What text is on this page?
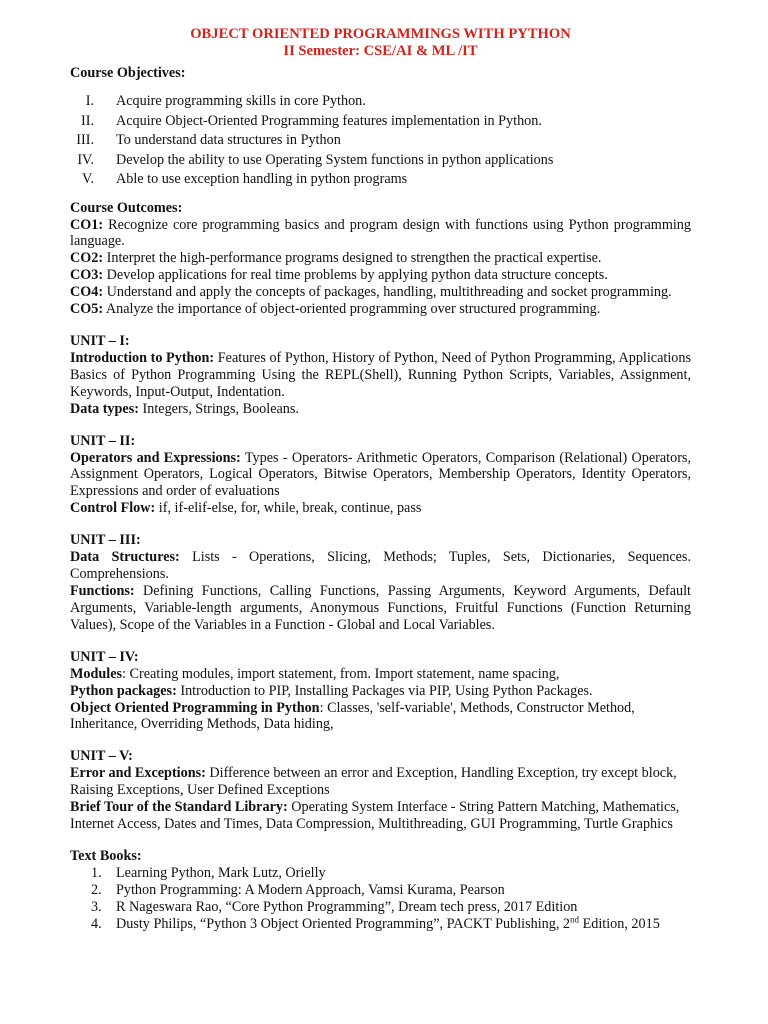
OBJECT ORIENTED PROGRAMMINGS WITH PYTHON
II Semester: CSE/AI & ML /IT
Course Objectives:
I. Acquire programming skills in core Python.
II. Acquire Object-Oriented Programming features implementation in Python.
III. To understand data structures in Python
IV. Develop the ability to use Operating System functions in python applications
V. Able to use exception handling in python programs
Course Outcomes:

CO1: Recognize core programming basics and program design with functions using Python programming language.

CO2: Interpret the high-performance programs designed to strengthen the practical expertise.

CO3: Develop applications for real time problems by applying python data structure concepts.

CO4: Understand and apply the concepts of packages, handling, multithreading and socket programming.

CO5: Analyze the importance of object-oriented programming over structured programming.

UNIT – I:

Introduction to Python: Features of Python, History of Python, Need of Python Programming, Applications Basics of Python Programming Using the REPL(Shell), Running Python Scripts, Variables, Assignment, Keywords, Input-Output, Indentation.

Data types: Integers, Strings, Booleans.

UNIT – II:

Operators and Expressions: Types - Operators- Arithmetic Operators, Comparison (Relational) Operators, Assignment Operators, Logical Operators, Bitwise Operators, Membership Operators, Identity Operators, Expressions and order of evaluations

Control Flow: if, if-elif-else, for, while, break, continue, pass

UNIT – III:

Data Structures: Lists - Operations, Slicing, Methods; Tuples, Sets, Dictionaries, Sequences. Comprehensions.

Functions: Defining Functions, Calling Functions, Passing Arguments, Keyword Arguments, Default Arguments, Variable-length arguments, Anonymous Functions, Fruitful Functions (Function Returning Values), Scope of the Variables in a Function - Global and Local Variables.

UNIT – IV:

Modules: Creating modules, import statement, from. Import statement, name spacing,

Python packages: Introduction to PIP, Installing Packages via PIP, Using Python Packages.

Object Oriented Programming in Python: Classes, 'self-variable', Methods, Constructor Method, Inheritance, Overriding Methods, Data hiding,

UNIT – V:

Error and Exceptions: Difference between an error and Exception, Handling Exception, try except block, Raising Exceptions, User Defined Exceptions

Brief Tour of the Standard Library: Operating System Interface - String Pattern Matching, Mathematics, Internet Access, Dates and Times, Data Compression, Multithreading, GUI Programming, Turtle Graphics

Text Books:
1. Learning Python, Mark Lutz, Orielly
2. Python Programming: A Modern Approach, Vamsi Kurama, Pearson
3. R Nageswara Rao, “Core Python Programming”, Dream tech press, 2017 Edition
4. Dusty Philips, “Python 3 Object Oriented Programming”, PACKT Publishing, 2nd Edition, 2015
